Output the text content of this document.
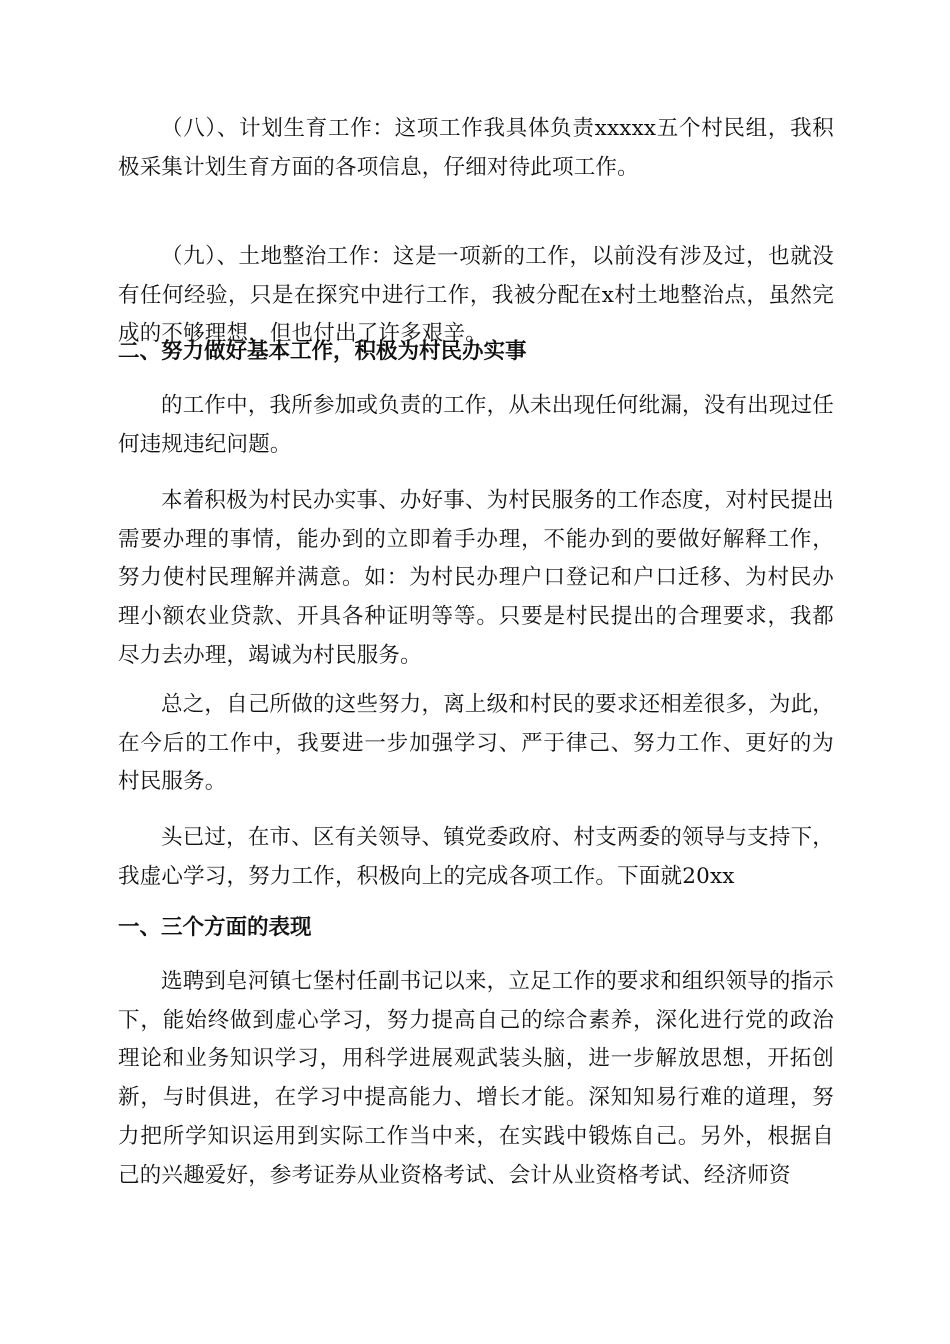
（八）、计划生育工作：这项工作我具体负责xxxxx五个村民组，我积极采集计划生育方面的各项信息，仔细对待此项工作。

（九）、土地整治工作：这是一项新的工作，以前没有涉及过，也就没有任何经验，只是在探究中进行工作，我被分配在x村土地整治点，虽然完成的不够理想，但也付出了许多艰辛。

二、努力做好基本工作，积极为村民办实事

的工作中，我所参加或负责的工作，从未出现任何纰漏，没有出现过任何违规违纪问题。

本着积极为村民办实事、办好事、为村民服务的工作态度，对村民提出需要办理的事情，能办到的立即着手办理，不能办到的要做好解释工作，努力使村民理解并满意。如：为村民办理户口登记和户口迁移、为村民办理小额农业贷款、开具各种证明等等。只要是村民提出的合理要求，我都尽力去办理，竭诚为村民服务。

总之，自己所做的这些努力，离上级和村民的要求还相差很多，为此，在今后的工作中，我要进一步加强学习、严于律己、努力工作、更好的为村民服务。

头已过，在市、区有关领导、镇党委政府、村支两委的领导与支持下，我虚心学习，努力工作，积极向上的完成各项工作。下面就20xx

一、三个方面的表现

选聘到皂河镇七堡村任副书记以来，立足工作的要求和组织领导的指示下，能始终做到虚心学习，努力提高自己的综合素养，深化进行党的政治理论和业务知识学习，用科学进展观武装头脑，进一步解放思想，开拓创新，与时俱进，在学习中提高能力、增长才能。深知知易行难的道理，努力把所学知识运用到实际工作当中来，在实践中锻炼自己。另外，根据自己的兴趣爱好，参考证券从业资格考试、会计从业资格考试、经济师资
